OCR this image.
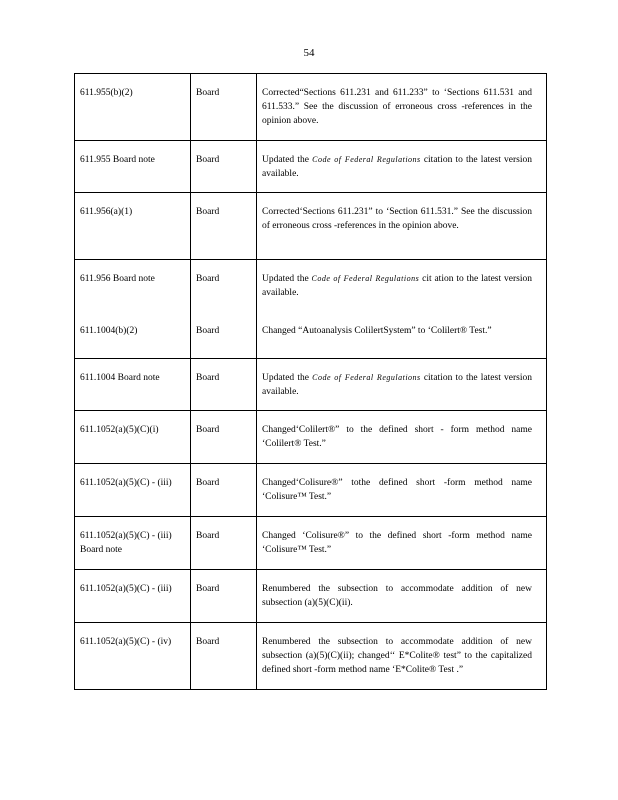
54
611.955(b)(2)	Board	Corrected“Sections 611.231 and 611.233” to ‘Sections 611.531 and 611.533.” See the discussion of erroneous cross -references in the opinion above.
611.955 Board note	Board	Updated the Code of Federal Regulations citation to the latest version available.
611.956(a)(1)	Board	Corrected‘Sections 611.231” to ‘Section 611.531.” See the discussion of erroneous cross -references in the opinion above.
611.956 Board note	Board	Updated the Code of Federal Regulations cit ation to the latest version available.
611.1004(b)(2)	Board	Changed “Autoanalysis ColilertSystem” to ‘Colilert® Test.”
611.1004 Board note	Board	Updated the Code of Federal Regulations citation to the latest version available.
611.1052(a)(5)(C)(i)	Board	Changed‘Colilert®” to the defined short - form method name ‘Colilert® Test.”
611.1052(a)(5)(C) - (iii)	Board	Changed‘Colisure®” tothe defined short -form method name ‘Colisure™ Test.”
611.1052(a)(5)(C) - (iii) Board note	Board	Changed ‘Colisure®” to the defined short -form method name ‘Colisure™ Test.”
611.1052(a)(5)(C) - (iii)	Board	Renumbered the subsection to accommodate addition of new subsection (a)(5)(C)(ii).
611.1052(a)(5)(C) - (iv)	Board	Renumbered the subsection to accommodate addition of new subsection (a)(5)(C)(ii); changed‘‘ E*Colite® test” to the capitalized defined short -form method name ‘E*Colite® Test .”
